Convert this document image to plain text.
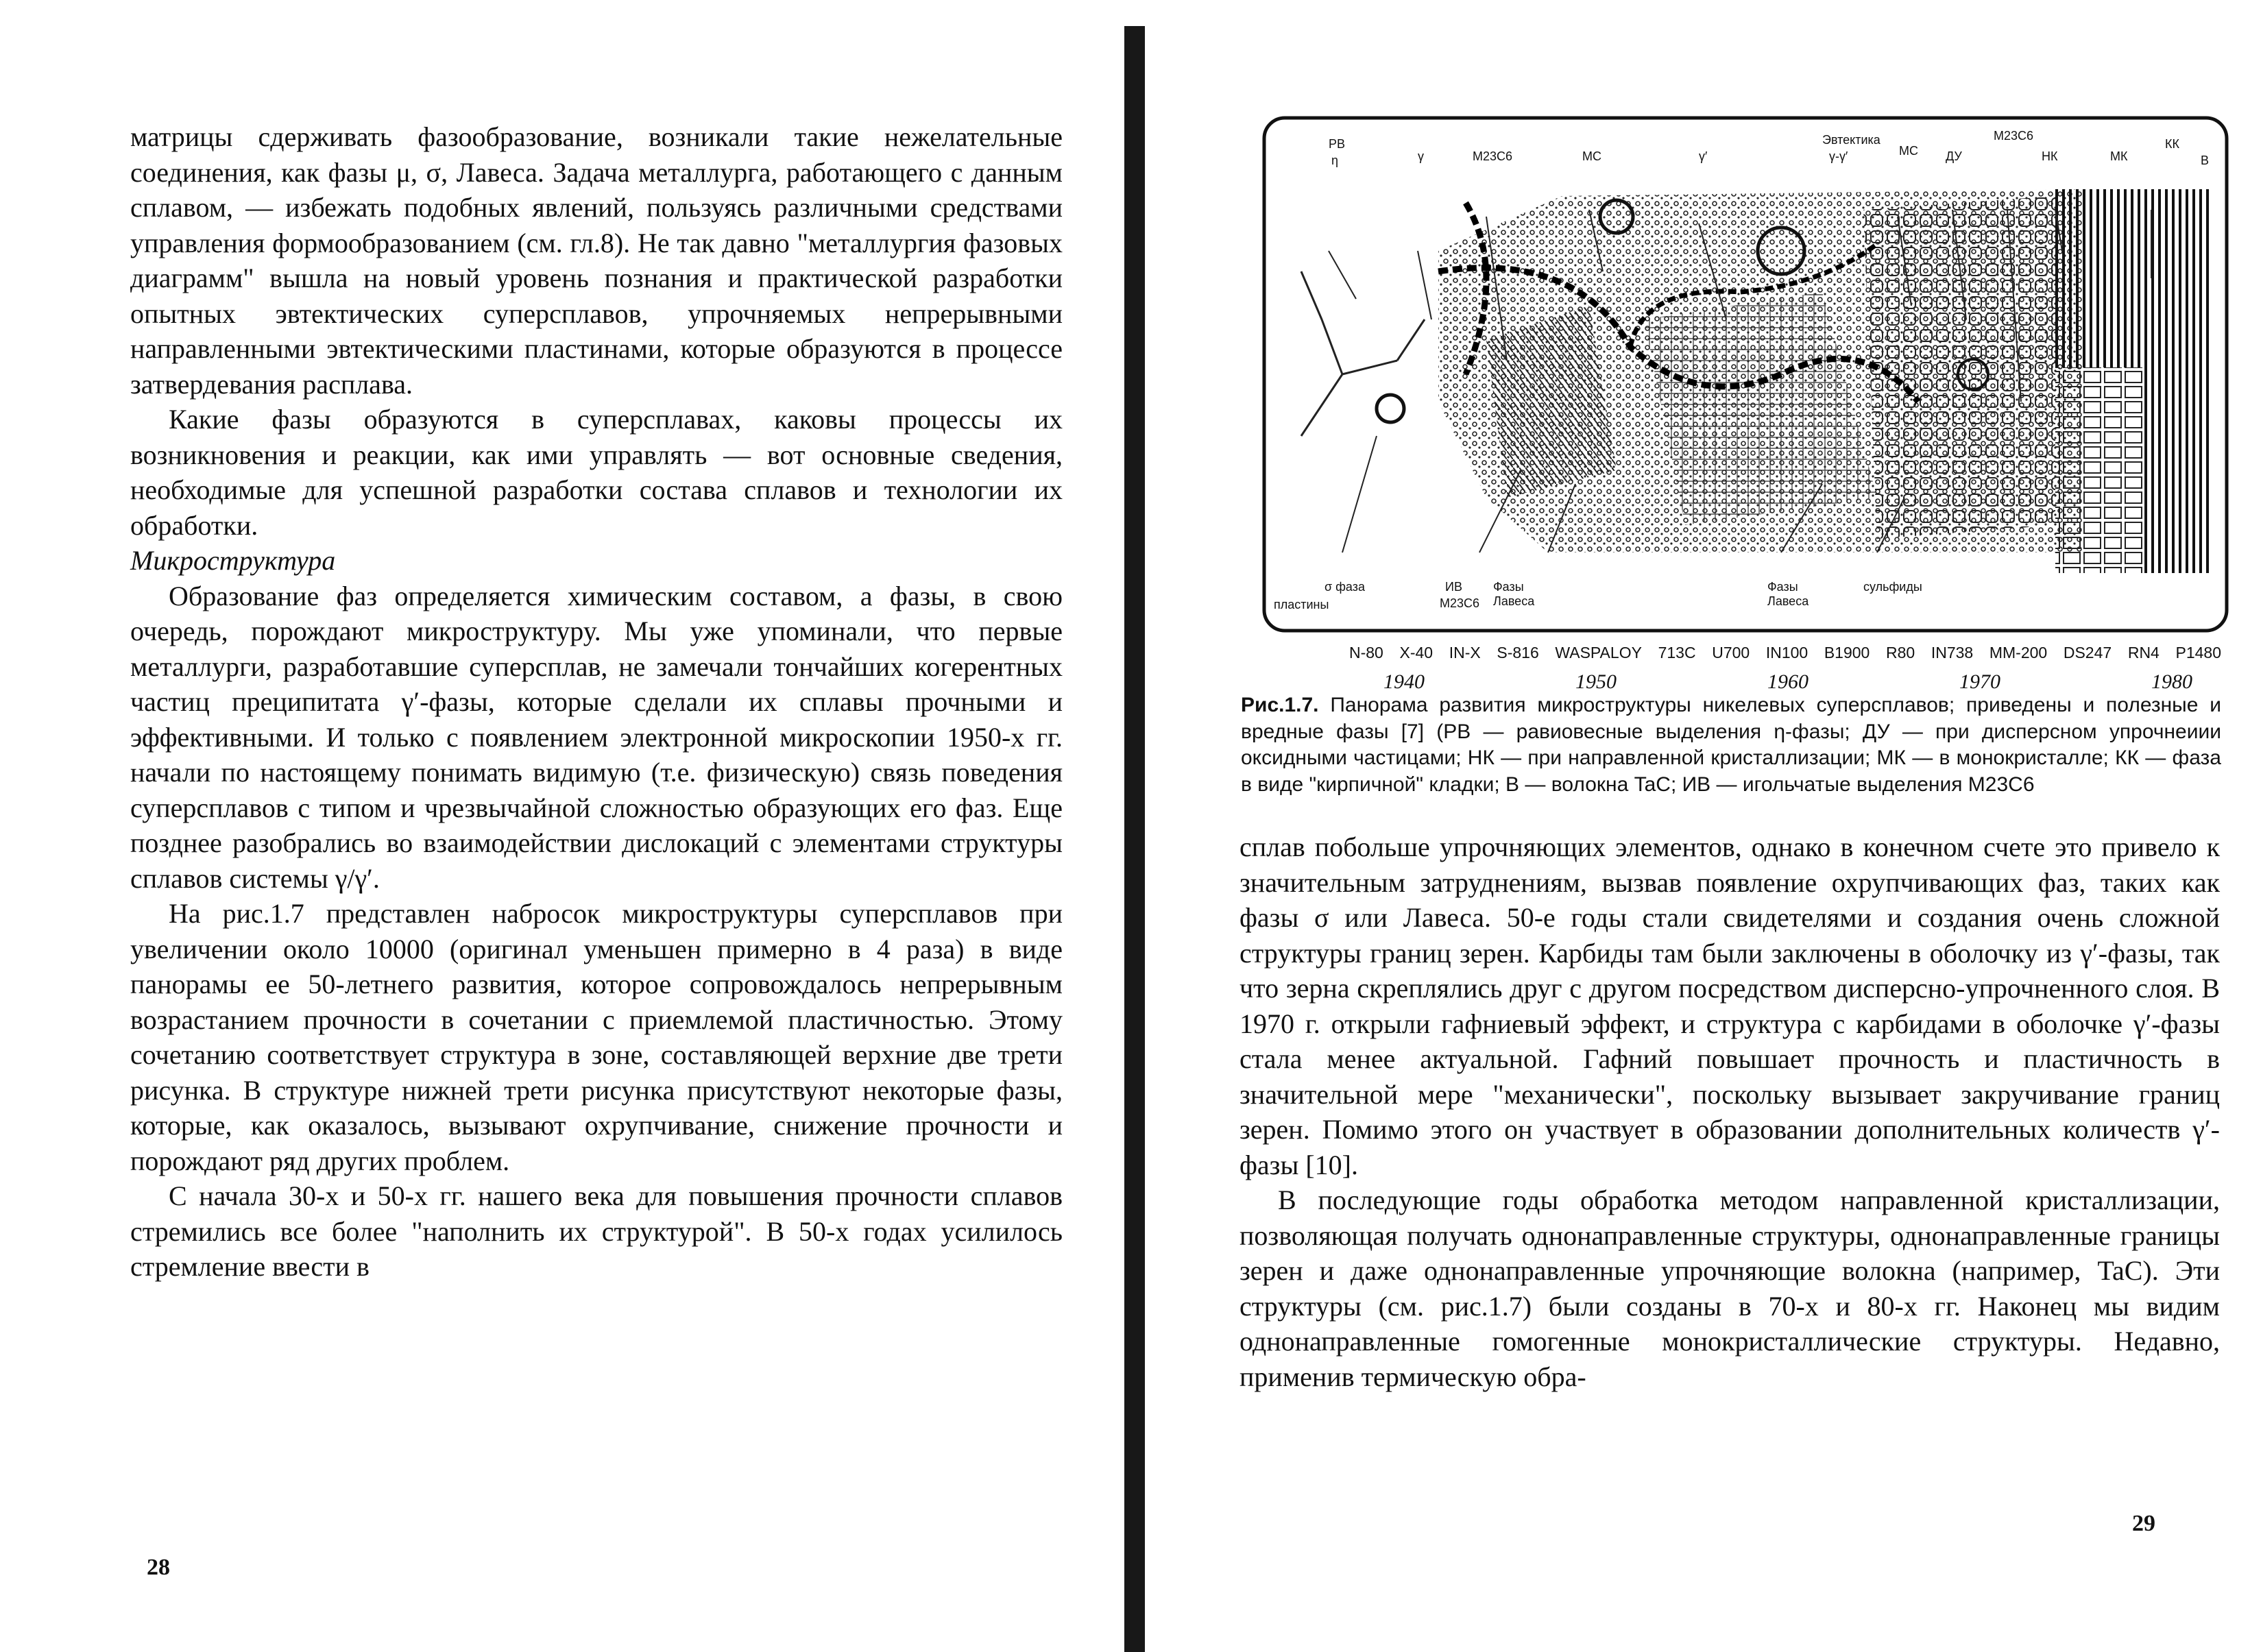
матрицы сдерживать фазообразование, возникали такие нежелательные соединения, как фазы μ, σ, Лавеса. Задача металлурга, работающего с данным сплавом, — избежать подобных явлений, пользуясь различными средствами управления формообразованием (см. гл.8). Не так давно "металлургия фазовых диаграмм" вышла на новый уровень познания и практической разработки опытных эвтектических суперсплавов, упрочняемых непрерывными направленными эвтектическими пластинами, которые образуются в процессе затвердевания расплава.

Какие фазы образуются в суперсплавах, каковы процессы их возникновения и реакции, как ими управлять — вот основные сведения, необходимые для успешной разработки состава сплавов и технологии их обработки.

Микроструктура

Образование фаз определяется химическим составом, а фазы, в свою очередь, порождают микроструктуру. Мы уже упоминали, что первые металлурги, разработавшие суперсплав, не замечали тончайших когерентных частиц преципитата γ′-фазы, которые сделали их сплавы прочными и эффективными. И только с появлением электронной микроскопии 1950-х гг. начали по настоящему понимать видимую (т.е. физическую) связь поведения суперсплавов с типом и чрезвычайной сложностью образующих его фаз. Еще позднее разобрались во взаимодействии дислокаций с элементами структуры сплавов системы γ/γ′.

На рис.1.7 представлен набросок микроструктуры суперсплавов при увеличении около 10000 (оригинал уменьшен примерно в 4 раза) в виде панорамы ее 50-летнего развития, которое сопровождалось непрерывным возрастанием прочности в сочетании с приемлемой пластичностью. Этому сочетанию соответствует структура в зоне, составляющей верхние две трети рисунка. В структуре нижней трети рисунка присутствуют некоторые фазы, которые, как оказалось, вызывают охрупчивание, снижение прочности и порождают ряд других проблем.

С начала 30-х и 50-х гг. нашего века для повышения прочности сплавов стремились все более "наполнить их структурой". В 50-х годах усилилось стремление ввести в

28
РВ
η	γ	M23C6	MC	γ′
Эвтектика
γ-γ′	MC ДУ
M23C6
НК	МК
КК
В
σ фаза
пластины
ИВ
M23C6
Фазы Лавеса
Фазы Лавеса
сульфиды
N-80 X-40 IN-X S-816 WASPALOY 713C U700 IN100 B1900 R80 IN738 MM-200 DS247 RN4 P1480
1940	1950	1960	1970	1980
Рис.1.7. Панорама развития микроструктуры никелевых суперсплавов; приведены и полезные и вредные фазы [7] (РВ — равиовесные выделения η-фазы; ДУ — при дисперсном упрочнеиии оксидными частицами; НК — при направленной кристаллизации; МК — в монокристалле; КК — фаза в виде "кирпичной" кладки; В — волокна TaC; ИВ — игольчатые выделения M23C6

сплав побольше упрочняющих элементов, однако в конечном счете это привело к значительным затруднениям, вызвав появление охрупчивающих фаз, таких как фазы σ или Лавеса. 50-е годы стали свидетелями и создания очень сложной структуры границ зерен. Карбиды там были заключены в оболочку из γ′-фазы, так что зерна скреплялись друг с другом посредством дисперсно-упрочненного слоя. В 1970 г. открыли гафниевый эффект, и структура с карбидами в оболочке γ′-фазы стала менее актуальной. Гафний повышает прочность и пластичность в значительной мере "механически", поскольку вызывает закручивание границ зерен. Помимо этого он участвует в образовании дополнительных количеств γ′-фазы [10].

В последующие годы обработка методом направленной кристаллизации, позволяющая получать однонаправленные структуры, однонаправленные границы зерен и даже однонаправленные упрочняющие волокна (например, TaC). Эти структуры (см. рис.1.7) были созданы в 70-х и 80-х гг. Наконец мы видим однонаправленные гомогенные монокристаллические структуры. Недавно, применив термическую обра-

29
